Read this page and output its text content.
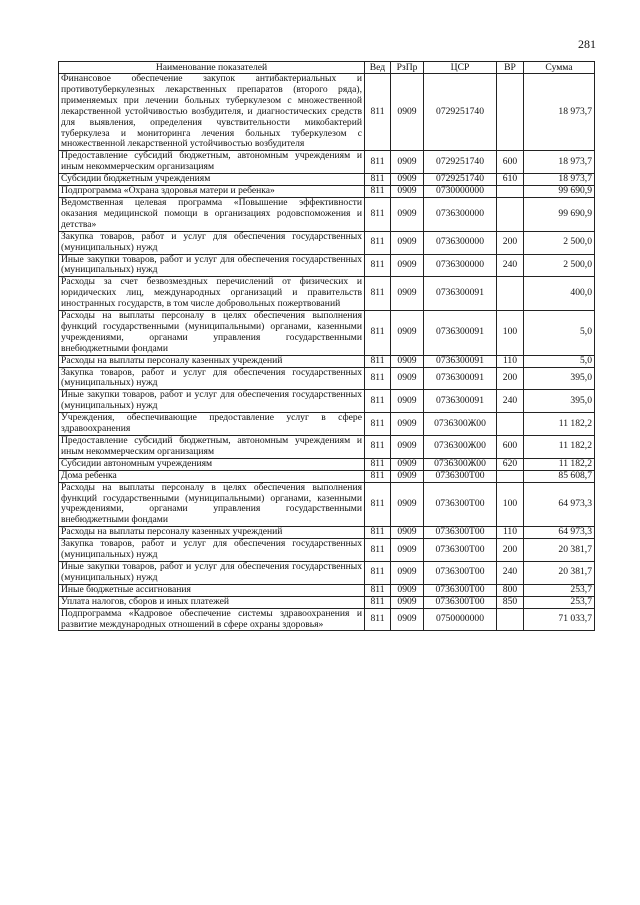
281
Наименование показателей	Вед	РзПр	ЦСР	ВР	Сумма
Финансовое обеспечение закупок антибактериальных и противотуберкулезных лекарственных препаратов (второго ряда), применяемых при лечении больных туберкулезом с множественной лекарственной устойчивостью возбудителя, и диагностических средств для выявления, определения чувствительности микобактерий туберкулеза и мониторинга лечения больных туберкулезом с множественной лекарственной устойчивостью возбудителя	811	0909	0729251740		18 973,7
Предоставление субсидий бюджетным, автономным учреждениям и иным некоммерческим организациям	811	0909	0729251740	600	18 973,7
Субсидии бюджетным учреждениям	811	0909	0729251740	610	18 973,7
Подпрограмма «Охрана здоровья матери и ребенка»	811	0909	0730000000		99 690,9
Ведомственная целевая программа «Повышение эффективности оказания медицинской помощи в организациях родовспоможения и детства»	811	0909	0736300000		99 690,9
Закупка товаров, работ и услуг для обеспечения государственных (муниципальных) нужд	811	0909	0736300000	200	2 500,0
Иные закупки товаров, работ и услуг для обеспечения государственных (муниципальных) нужд	811	0909	0736300000	240	2 500,0
Расходы за счет безвозмездных перечислений от физических и юридических лиц, международных организаций и правительств иностранных государств, в том числе добровольных пожертвований	811	0909	0736300091		400,0
Расходы на выплаты персоналу в целях обеспечения выполнения функций государственными (муниципальными) органами, казенными учреждениями, органами управления государственными внебюджетными фондами	811	0909	0736300091	100	5,0
Расходы на выплаты персоналу казенных учреждений	811	0909	0736300091	110	5,0
Закупка товаров, работ и услуг для обеспечения государственных (муниципальных) нужд	811	0909	0736300091	200	395,0
Иные закупки товаров, работ и услуг для обеспечения государственных (муниципальных) нужд	811	0909	0736300091	240	395,0
Учреждения, обеспечивающие предоставление услуг в сфере здравоохранения	811	0909	0736300Ж00		11 182,2
Предоставление субсидий бюджетным, автономным учреждениям и иным некоммерческим организациям	811	0909	0736300Ж00	600	11 182,2
Субсидии автономным учреждениям	811	0909	0736300Ж00	620	11 182,2
Дома ребенка	811	0909	0736300Т00		85 608,7
Расходы на выплаты персоналу в целях обеспечения выполнения функций государственными (муниципальными) органами, казенными учреждениями, органами управления государственными внебюджетными фондами	811	0909	0736300Т00	100	64 973,3
Расходы на выплаты персоналу казенных учреждений	811	0909	0736300Т00	110	64 973,3
Закупка товаров, работ и услуг для обеспечения государственных (муниципальных) нужд	811	0909	0736300Т00	200	20 381,7
Иные закупки товаров, работ и услуг для обеспечения государственных (муниципальных) нужд	811	0909	0736300Т00	240	20 381,7
Иные бюджетные ассигнования	811	0909	0736300Т00	800	253,7
Уплата налогов, сборов и иных платежей	811	0909	0736300Т00	850	253,7
Подпрограмма «Кадровое обеспечение системы здравоохранения и развитие международных отношений в сфере охраны здоровья»	811	0909	0750000000		71 033,7
